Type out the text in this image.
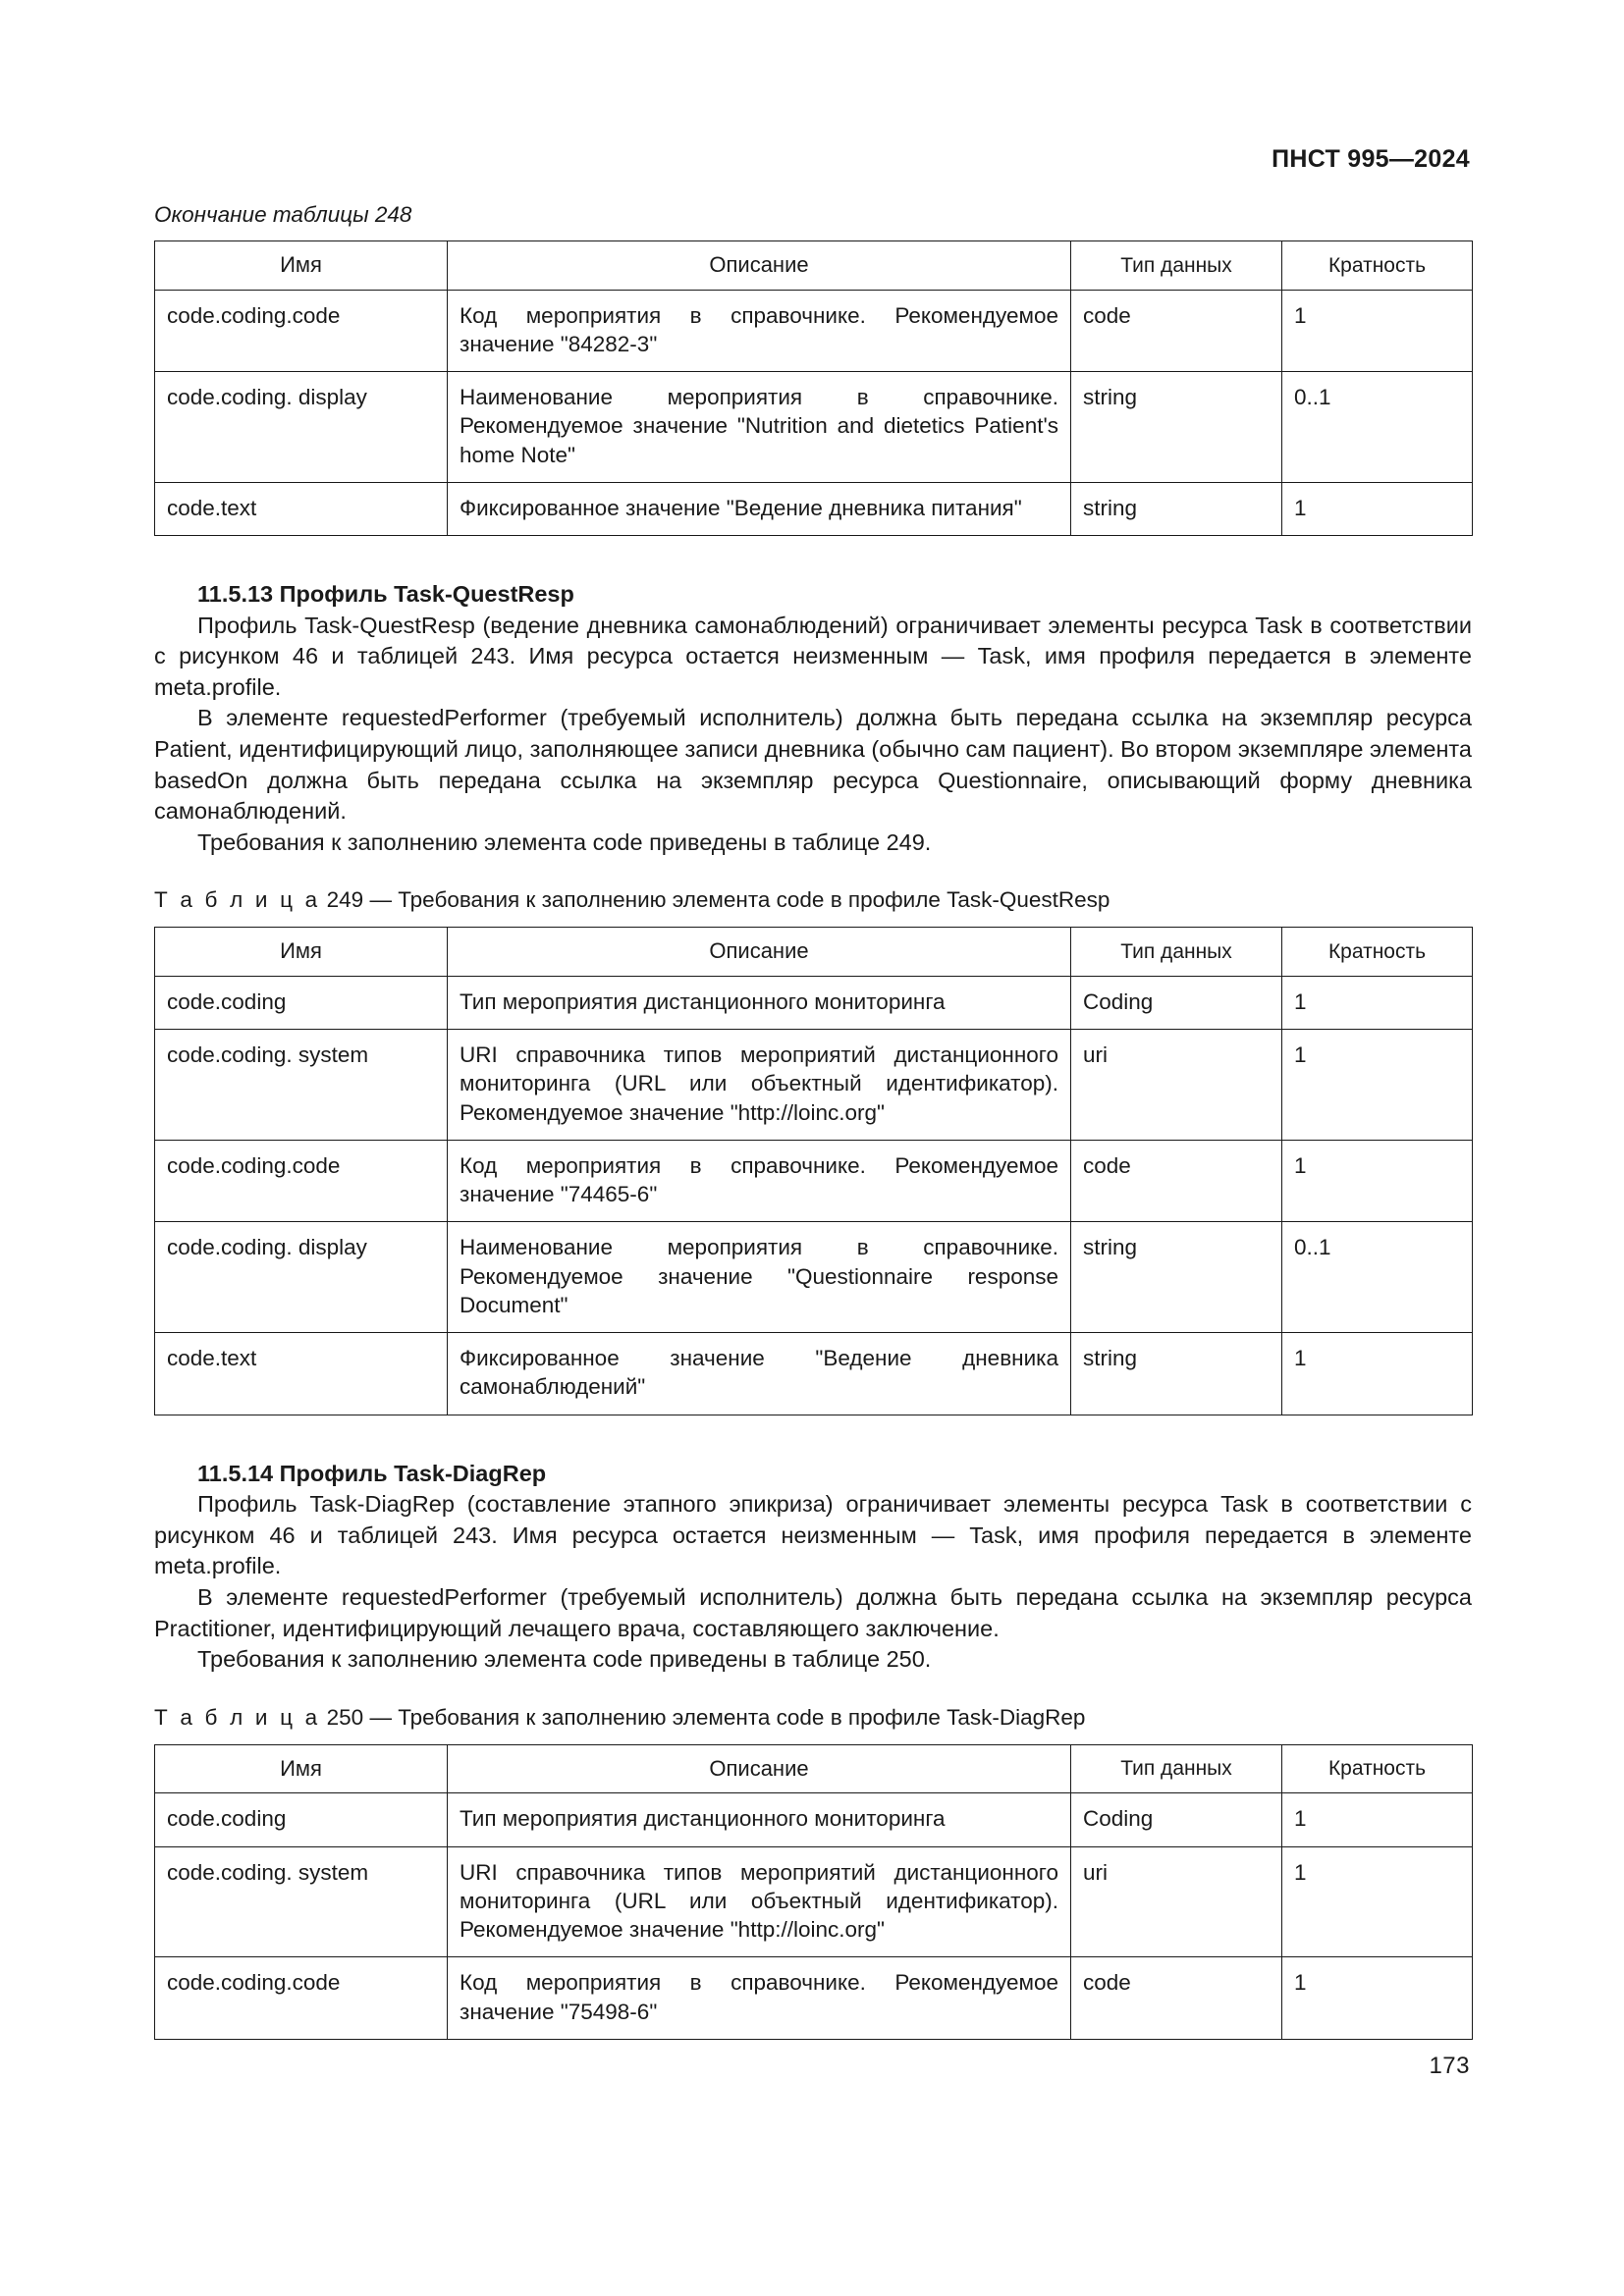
ПНСТ 995—2024
Окончание таблицы 248
Имя	Описание	Тип данных	Кратность
code.coding.code	Код мероприятия в справочнике. Рекомендуемое значение "84282-3"	code	1
code.coding. display	Наименование мероприятия в справочнике. Рекомендуемое значение "Nutrition and dietetics Patient's home Note"	string	0..1
code.text	Фиксированное значение "Ведение дневника питания"	string	1
11.5.13 Профиль Task-QuestResp

Профиль Task-QuestResp (ведение дневника самонаблюдений) ограничивает элементы ресурса Task в соответствии с рисунком 46 и таблицей 243. Имя ресурса остается неизменным — Task, имя профиля передается в элементе meta.profile.

В элементе requestedPerformer (требуемый исполнитель) должна быть передана ссылка на экземпляр ресурса Patient, идентифицирующий лицо, заполняющее записи дневника (обычно сам пациент). Во втором экземпляре элемента basedOn должна быть передана ссылка на экземпляр ресурса Questionnaire, описывающий форму дневника самонаблюдений.

Требования к заполнению элемента code приведены в таблице 249.

Т а б л и ц а 249 — Требования к заполнению элемента code в профиле Task-QuestResp
Имя	Описание	Тип данных	Кратность
code.coding	Тип мероприятия дистанционного мониторинга	Coding	1
code.coding. system	URI справочника типов мероприятий дистанционного мониторинга (URL или объектный идентификатор). Рекомендуемое значение "http://loinc.org"	uri	1
code.coding.code	Код мероприятия в справочнике. Рекомендуемое значение "74465-6"	code	1
code.coding. display	Наименование мероприятия в справочнике. Рекомендуемое значение "Questionnaire response Document"	string	0..1
code.text	Фиксированное значение "Ведение дневника самонаблюдений"	string	1
11.5.14 Профиль Task-DiagRep

Профиль Task-DiagRep (составление этапного эпикриза) ограничивает элементы ресурса Task в соответствии с рисунком 46 и таблицей 243. Имя ресурса остается неизменным — Task, имя профиля передается в элементе meta.profile.

В элементе requestedPerformer (требуемый исполнитель) должна быть передана ссылка на экземпляр ресурса Practitioner, идентифицирующий лечащего врача, составляющего заключение.

Требования к заполнению элемента code приведены в таблице 250.

Т а б л и ц а 250 — Требования к заполнению элемента code в профиле Task-DiagRep
Имя	Описание	Тип данных	Кратность
code.coding	Тип мероприятия дистанционного мониторинга	Coding	1
code.coding. system	URI справочника типов мероприятий дистанционного мониторинга (URL или объектный идентификатор). Рекомендуемое значение "http://loinc.org"	uri	1
code.coding.code	Код мероприятия в справочнике. Рекомендуемое значение "75498-6"	code	1
173
